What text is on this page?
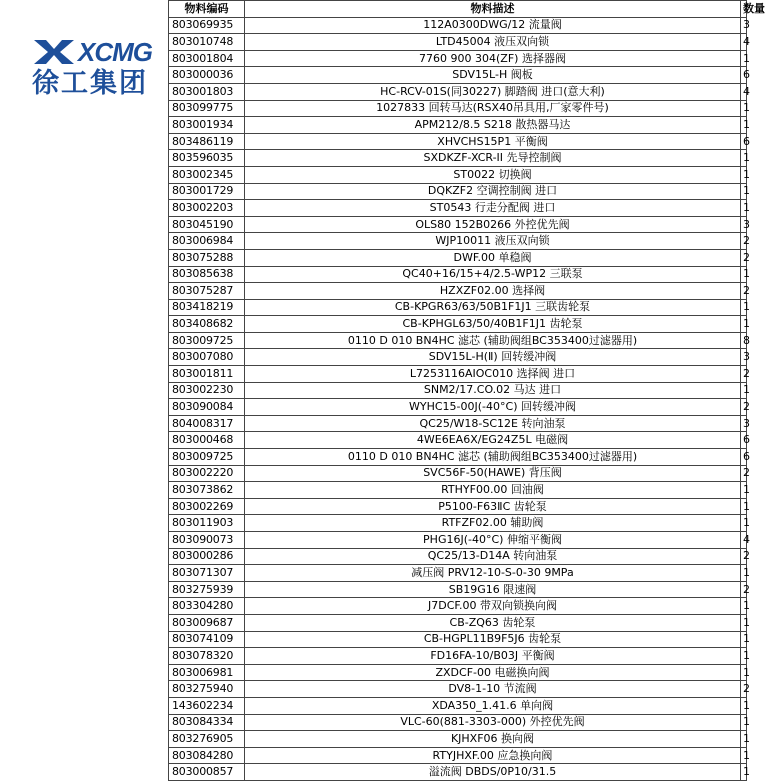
XCMG
徐工集团
物料编码	物料描述	数量
803069935	112A0300DWG/12 流量阀	3
803010748	LTD45004 液压双向锁	4
803001804	7760 900 304(ZF) 选择器阀	1
803000036	SDV15L-H 阀板	6
803001803	HC-RCV-01S(同30227) 脚踏阀 进口(意大利)	4
803099775	1027833 回转马达(RSX40吊具用,厂家零件号)	1
803001934	APM212/8.5 S218 散热器马达	1
803486119	XHVCHS15P1 平衡阀	6
803596035	SXDKZF-XCR-II 先导控制阀	1
803002345	ST0022 切换阀	1
803001729	DQKZF2 空调控制阀 进口	1
803002203	ST0543 行走分配阀 进口	1
803045190	OLS80 152B0266 外控优先阀	3
803006984	WJP10011 液压双向锁	2
803075288	DWF.00 单稳阀	2
803085638	QC40+16/15+4/2.5-WP12 三联泵	1
803075287	HZXZF02.00 选择阀	2
803418219	CB-KPGR63/63/50B1F1J1 三联齿轮泵	1
803408682	CB-KPHGL63/50/40B1F1J1 齿轮泵	1
803009725	0110 D 010 BN4HC 滤芯 (辅助阀组BC353400过滤器用)	8
803007080	SDV15L-H(Ⅱ) 回转缓冲阀	3
803001811	L7253116AIOC010 选择阀 进口	2
803002230	SNM2/17.CO.02 马达 进口	1
803090084	WYHC15-00J(-40°C) 回转缓冲阀	2
804008317	QC25/W18-SC12E 转向油泵	3
803000468	4WE6EA6X/EG24Z5L 电磁阀	6
803009725	0110 D 010 BN4HC 滤芯 (辅助阀组BC353400过滤器用)	6
803002220	SVC56F-50(HAWE) 背压阀	2
803073862	RTHYF00.00 回油阀	1
803002269	P5100-F63ⅡC 齿轮泵	1
803011903	RTFZF02.00 辅助阀	1
803090073	PHG16J(-40°C) 伸缩平衡阀	4
803000286	QC25/13-D14A 转向油泵	2
803071307	减压阀 PRV12-10-S-0-30 9MPa	1
803275939	SB19G16 限速阀	2
803304280	J7DCF.00 带双向锁换向阀	1
803009687	CB-ZQ63 齿轮泵	1
803074109	CB-HGPL11B9F5J6 齿轮泵	1
803078320	FD16FA-10/B03J 平衡阀	1
803006981	ZXDCF-00 电磁换向阀	1
803275940	DV8-1-10 节流阀	2
143602234	XDA350_1.41.6 单向阀	1
803084334	VLC-60(881-3303-000) 外控优先阀	1
803276905	KJHXF06 换向阀	1
803084280	RTYJHXF.00 应急换向阀	1
803000857	溢流阀 DBDS/0P10/31.5	1
